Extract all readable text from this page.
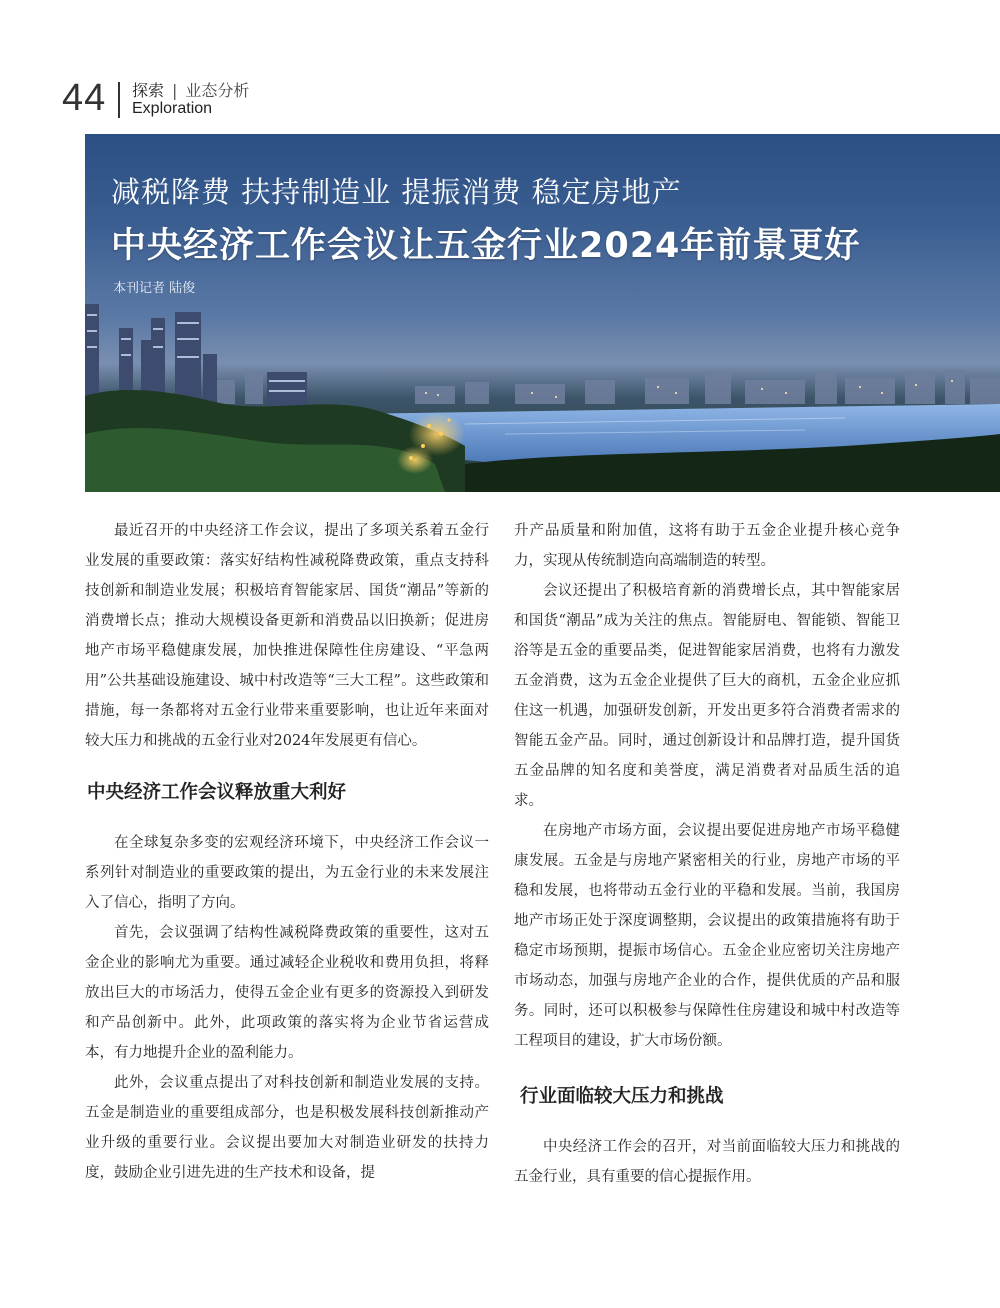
44 探索 | 业态分析
Exploration
减税降费 扶持制造业 提振消费 稳定房地产
中央经济工作会议让五金行业2024年前景更好
本刊记者 陆俊

最近召开的中央经济工作会议，提出了多项关系着五金行业发展的重要政策：落实好结构性减税降费政策，重点支持科技创新和制造业发展；积极培育智能家居、国货“潮品”等新的消费增长点；推动大规模设备更新和消费品以旧换新；促进房地产市场平稳健康发展，加快推进保障性住房建设、“平急两用”公共基础设施建设、城中村改造等“三大工程”。这些政策和措施，每一条都将对五金行业带来重要影响，也让近年来面对较大压力和挑战的五金行业对2024年发展更有信心。

中央经济工作会议释放重大利好

在全球复杂多变的宏观经济环境下，中央经济工作会议一系列针对制造业的重要政策的提出，为五金行业的未来发展注入了信心，指明了方向。

首先，会议强调了结构性减税降费政策的重要性，这对五金企业的影响尤为重要。通过减轻企业税收和费用负担，将释放出巨大的市场活力，使得五金企业有更多的资源投入到研发和产品创新中。此外，此项政策的落实将为企业节省运营成本，有力地提升企业的盈利能力。

此外，会议重点提出了对科技创新和制造业发展的支持。五金是制造业的重要组成部分，也是积极发展科技创新推动产业升级的重要行业。会议提出要加大对制造业研发的扶持力度，鼓励企业引进先进的生产技术和设备，提

升产品质量和附加值，这将有助于五金企业提升核心竞争力，实现从传统制造向高端制造的转型。

会议还提出了积极培育新的消费增长点，其中智能家居和国货“潮品”成为关注的焦点。智能厨电、智能锁、智能卫浴等是五金的重要品类，促进智能家居消费，也将有力激发五金消费，这为五金企业提供了巨大的商机，五金企业应抓住这一机遇，加强研发创新，开发出更多符合消费者需求的智能五金产品。同时，通过创新设计和品牌打造，提升国货五金品牌的知名度和美誉度，满足消费者对品质生活的追求。

在房地产市场方面，会议提出要促进房地产市场平稳健康发展。五金是与房地产紧密相关的行业，房地产市场的平稳和发展，也将带动五金行业的平稳和发展。当前，我国房地产市场正处于深度调整期，会议提出的政策措施将有助于稳定市场预期，提振市场信心。五金企业应密切关注房地产市场动态，加强与房地产企业的合作，提供优质的产品和服务。同时，还可以积极参与保障性住房建设和城中村改造等工程项目的建设，扩大市场份额。

行业面临较大压力和挑战

中央经济工作会的召开，对当前面临较大压力和挑战的五金行业，具有重要的信心提振作用。
